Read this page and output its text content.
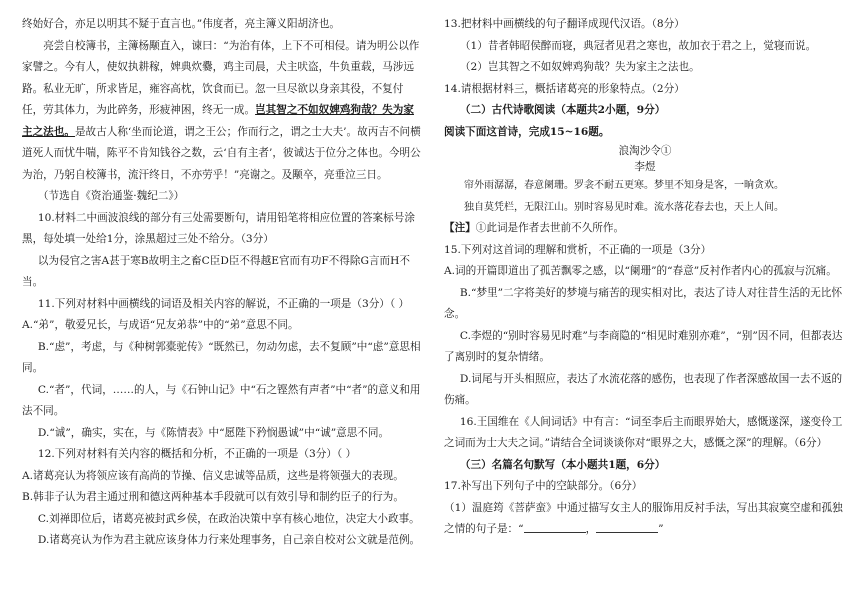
终始好合，亦足以明其不疑于直言也。”伟度者，亮主簿义阳胡济也。

亮尝自校簿书，主簿杨颙直入，谏曰：“为治有体，上下不可相侵。请为明公以作家譬之。今有人，使奴执耕稼，婢典炊爨，鸡主司晨，犬主吠盗，牛负重载，马涉远路。私业无旷，所求皆足，雍容高枕，饮食而已。忽一旦尽欲以身亲其役，不复付任，劳其体力，为此碎务，形疲神困，终无一成。岂其智之不如奴婢鸡狗哉？失为家主之法也。是故古人称‘坐而论道，谓之王公；作而行之，谓之士大夫’。故丙吉不问横道死人而忧牛喘，陈平不肯知钱谷之数，云‘自有主者’，彼诚达于位分之体也。今明公为治，乃躬自校簿书，流汗终日，不亦劳乎！”亮谢之。及颙卒，亮垂泣三日。

（节选自《资治通鉴·魏纪二》）

10.材料二中画波浪线的部分有三处需要断句，请用铅笔将相应位置的答案标号涂黑，每处填一处给1分，涂黑超过三处不给分。（3分）

以为侵官之害A甚于寒B故明主之畜C臣D臣不得越E官而有功F不得除G言而H不当。

11.下列对材料中画横线的词语及相关内容的解说，不正确的一项是（3分）（ ）

A.“弟”，敬爱兄长，与成语“兄友弟恭”中的“弟”意思不同。

B.“虑”，考虑，与《种树郭橐驼传》“既然已，勿动勿虑，去不复顾”中“虑”意思相同。

C.“者”，代词，……的人，与《石钟山记》中“石之铿然有声者”中“者”的意义和用法不同。

D.“诚”，确实，实在，与《陈情表》中“愿陛下矜悯愚诚”中“诚”意思不同。

12.下列对材料有关内容的概括和分析，不正确的一项是（3分）（ ）

A.诸葛亮认为将领应该有高尚的节操、信义忠诚等品质，这些是将领强大的表现。

B.韩非子认为君主通过刑和德这两种基本手段就可以有效引导和制约臣子的行为。

C.刘禅即位后，诸葛亮被封武乡侯，在政治决策中享有核心地位，决定大小政事。

D.诸葛亮认为作为君主就应该身体力行来处理事务，自己亲自校对公文就是范例。

13.把材料中画横线的句子翻译成现代汉语。（8分）

（1）昔者韩昭侯醉而寝，典冠者见君之寒也，故加衣于君之上，觉寝而说。

（2）岂其智之不如奴婢鸡狗哉？失为家主之法也。

14.请根据材料三，概括诸葛亮的形象特点。（2分）

（二）古代诗歌阅读（本题共2小题，9分）

阅读下面这首诗，完成15~16题。

浪淘沙令①

李煜

帘外雨潺潺，春意阑珊。罗衾不耐五更寒。梦里不知身是客，一晌贪欢。

独自莫凭栏，无限江山。别时容易见时难。流水落花春去也，天上人间。

【注】①此词是作者去世前不久所作。

15.下列对这首词的理解和赏析，不正确的一项是（3分）

A.词的开篇即道出了孤苦飘零之感，以“阑珊”的“春意”反衬作者内心的孤寂与沉痛。

B.“梦里”二字将美好的梦境与痛苦的现实相对比，表达了诗人对往昔生活的无比怀念。

C.李煜的“别时容易见时难”与李商隐的“相见时难别亦难”，“别”因不同，但都表达了离别时的复杂情绪。

D.词尾与开头相照应，表达了水流花落的感伤，也表现了作者深感故国一去不返的伤痛。

16.王国维在《人间词话》中有言：“词至李后主而眼界始大，感慨遂深，遂变伶工之词而为士大夫之词。”请结合全词谈谈你对“眼界之大，感慨之深”的理解。（6分）

（三）名篇名句默写（本小题共1题，6分）

17.补写出下列句子中的空缺部分。（6分）

（1）温庭筠《菩萨蛮》中通过描写女主人的服饰用反衬手法，写出其寂寞空虚和孤独之情的句子是：“	，	”
